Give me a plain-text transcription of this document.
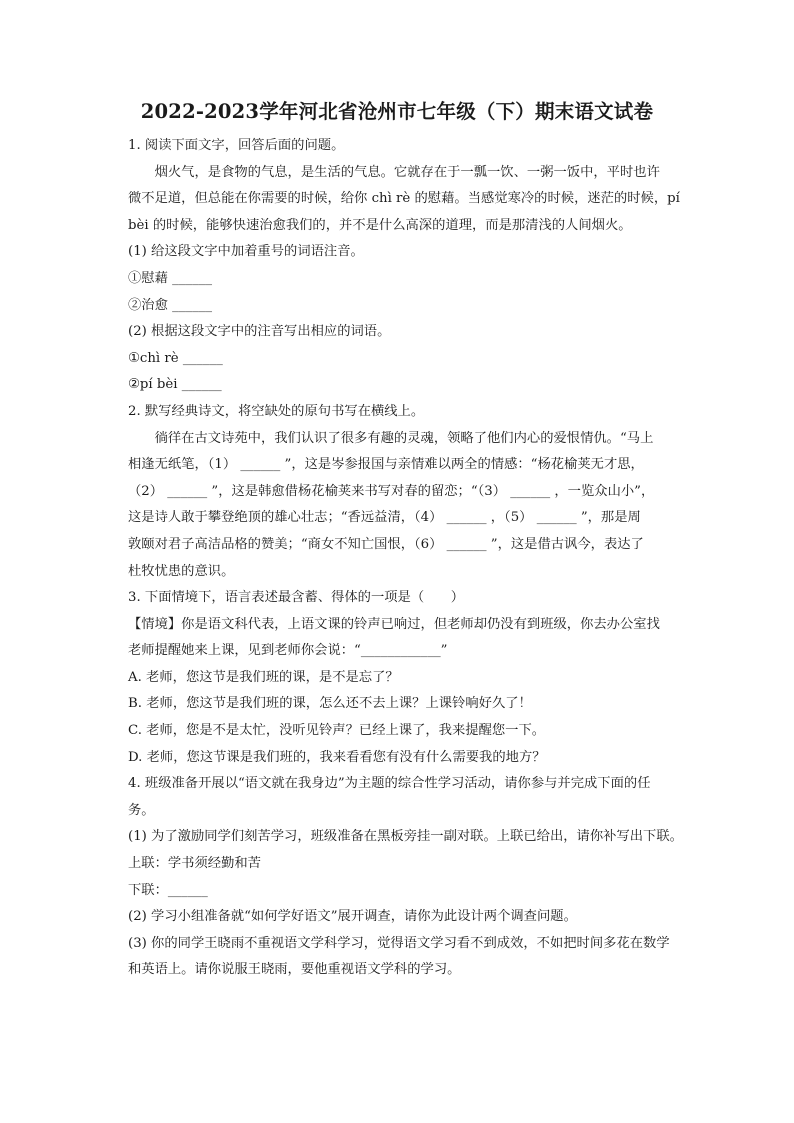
2022-2023学年河北省沧州市七年级（下）期末语文试卷

1. 阅读下面文字，回答后面的问题。

烟火气，是食物的气息，是生活的气息。它就存在于一瓢一饮、一粥一饭中，平时也许

微不足道，但总能在你需要的时候，给你 chì rè 的慰藉。当感觉寒冷的时候，迷茫的时候，pí

bèi 的时候，能够快速治愈我们的，并不是什么高深的道理，而是那清浅的人间烟火。

(1) 给这段文字中加着重号的词语注音。

①慰藉 ______

②治愈 ______

(2) 根据这段文字中的注音写出相应的词语。

①chì rè ______

②pí bèi ______

2. 默写经典诗文，将空缺处的原句书写在横线上。

徜徉在古文诗苑中，我们认识了很多有趣的灵魂，领略了他们内心的爱恨情仇。“马上

相逢无纸笔，（1） ______ ”，这是岑参报国与亲情难以两全的情感：“杨花榆荚无才思，

（2） ______ ”，这是韩愈借杨花榆荚来书写对春的留恋；“（3） ______ ，一览众山小”，

这是诗人敢于攀登绝顶的雄心壮志；“香远益清，（4） ______ ，（5） ______ ”，那是周

敦颐对君子高洁品格的赞美；“商女不知亡国恨，（6） ______ ”，这是借古讽今，表达了

杜牧忧患的意识。

3. 下面情境下，语言表述最含蓄、得体的一项是（　　）

【情境】你是语文科代表，上语文课的铃声已响过，但老师却仍没有到班级，你去办公室找

老师提醒她来上课，见到老师你会说：“____________”

A. 老师，您这节是我们班的课，是不是忘了？

B. 老师，您这节是我们班的课，怎么还不去上课？上课铃响好久了！

C. 老师，您是不是太忙，没听见铃声？已经上课了，我来提醒您一下。

D. 老师，您这节课是我们班的，我来看看您有没有什么需要我的地方？

4. 班级准备开展以“语文就在我身边”为主题的综合性学习活动，请你参与并完成下面的任

务。

(1) 为了激励同学们刻苦学习，班级准备在黑板旁挂一副对联。上联已给出，请你补写出下联。

上联：学书须经勤和苦

下联：______

(2) 学习小组准备就“如何学好语文”展开调查，请你为此设计两个调查问题。

(3) 你的同学王晓雨不重视语文学科学习，觉得语文学习看不到成效，不如把时间多花在数学

和英语上。请你说服王晓雨，要他重视语文学科的学习。
